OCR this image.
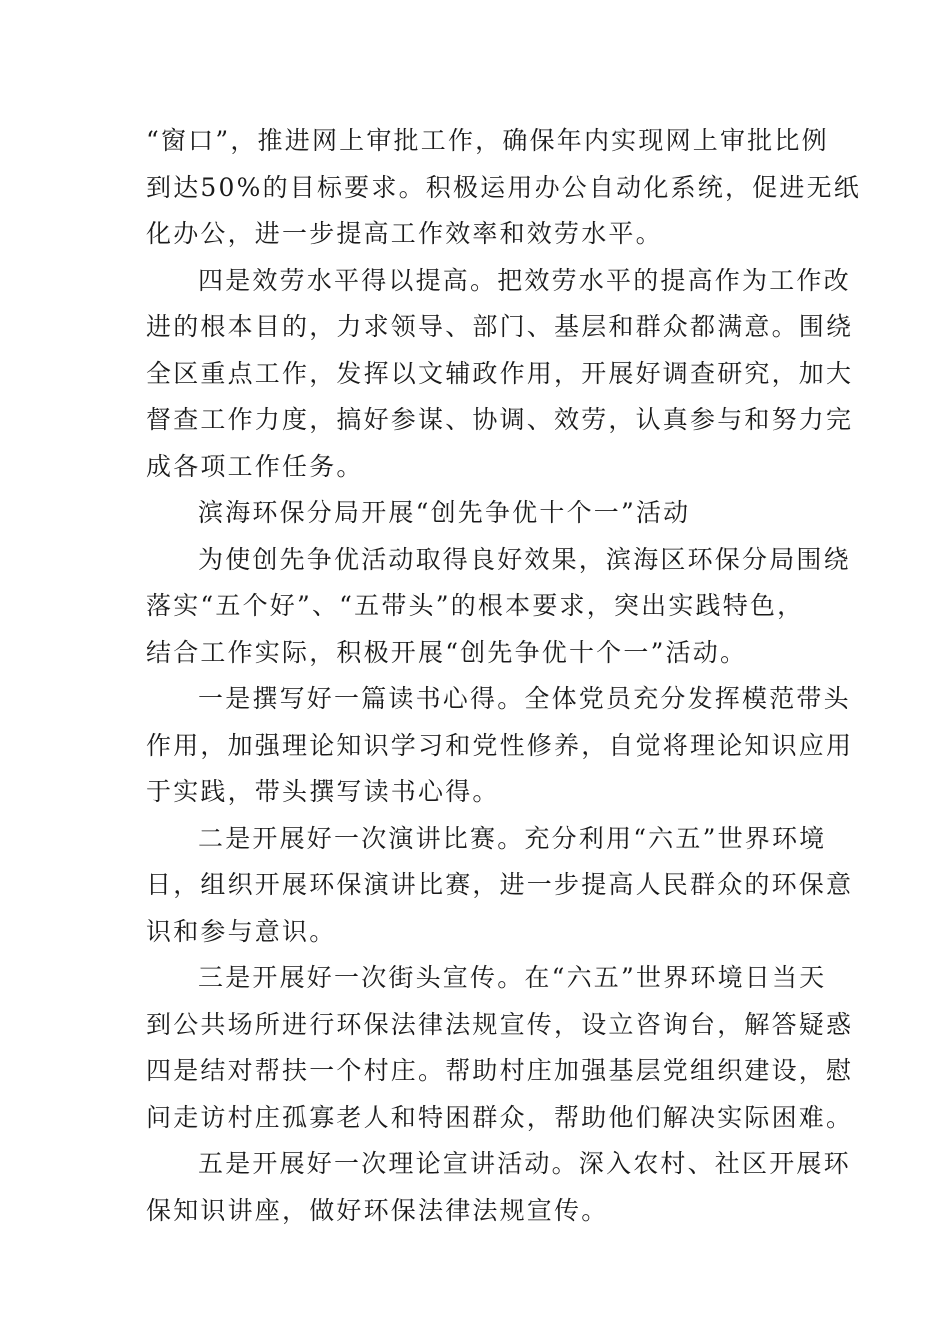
“窗口”，推进网上审批工作，确保年内实现网上审批比例
到达50%的目标要求。积极运用办公自动化系统，促进无纸
化办公，进一步提高工作效率和效劳水平。
四是效劳水平得以提高。把效劳水平的提高作为工作改
进的根本目的，力求领导、部门、基层和群众都满意。围绕
全区重点工作，发挥以文辅政作用，开展好调查研究，加大
督查工作力度，搞好参谋、协调、效劳，认真参与和努力完
成各项工作任务。
滨海环保分局开展“创先争优十个一”活动
为使创先争优活动取得良好效果，滨海区环保分局围绕
落实“五个好”、“五带头”的根本要求，突出实践特色，
结合工作实际，积极开展“创先争优十个一”活动。
一是撰写好一篇读书心得。全体党员充分发挥模范带头
作用，加强理论知识学习和党性修养，自觉将理论知识应用
于实践，带头撰写读书心得。
二是开展好一次演讲比赛。充分利用“六五”世界环境
日，组织开展环保演讲比赛，进一步提高人民群众的环保意
识和参与意识。
三是开展好一次街头宣传。在“六五”世界环境日当天
到公共场所进行环保法律法规宣传，设立咨询台，解答疑惑
四是结对帮扶一个村庄。帮助村庄加强基层党组织建设，慰
问走访村庄孤寡老人和特困群众，帮助他们解决实际困难。
五是开展好一次理论宣讲活动。深入农村、社区开展环
保知识讲座，做好环保法律法规宣传。
